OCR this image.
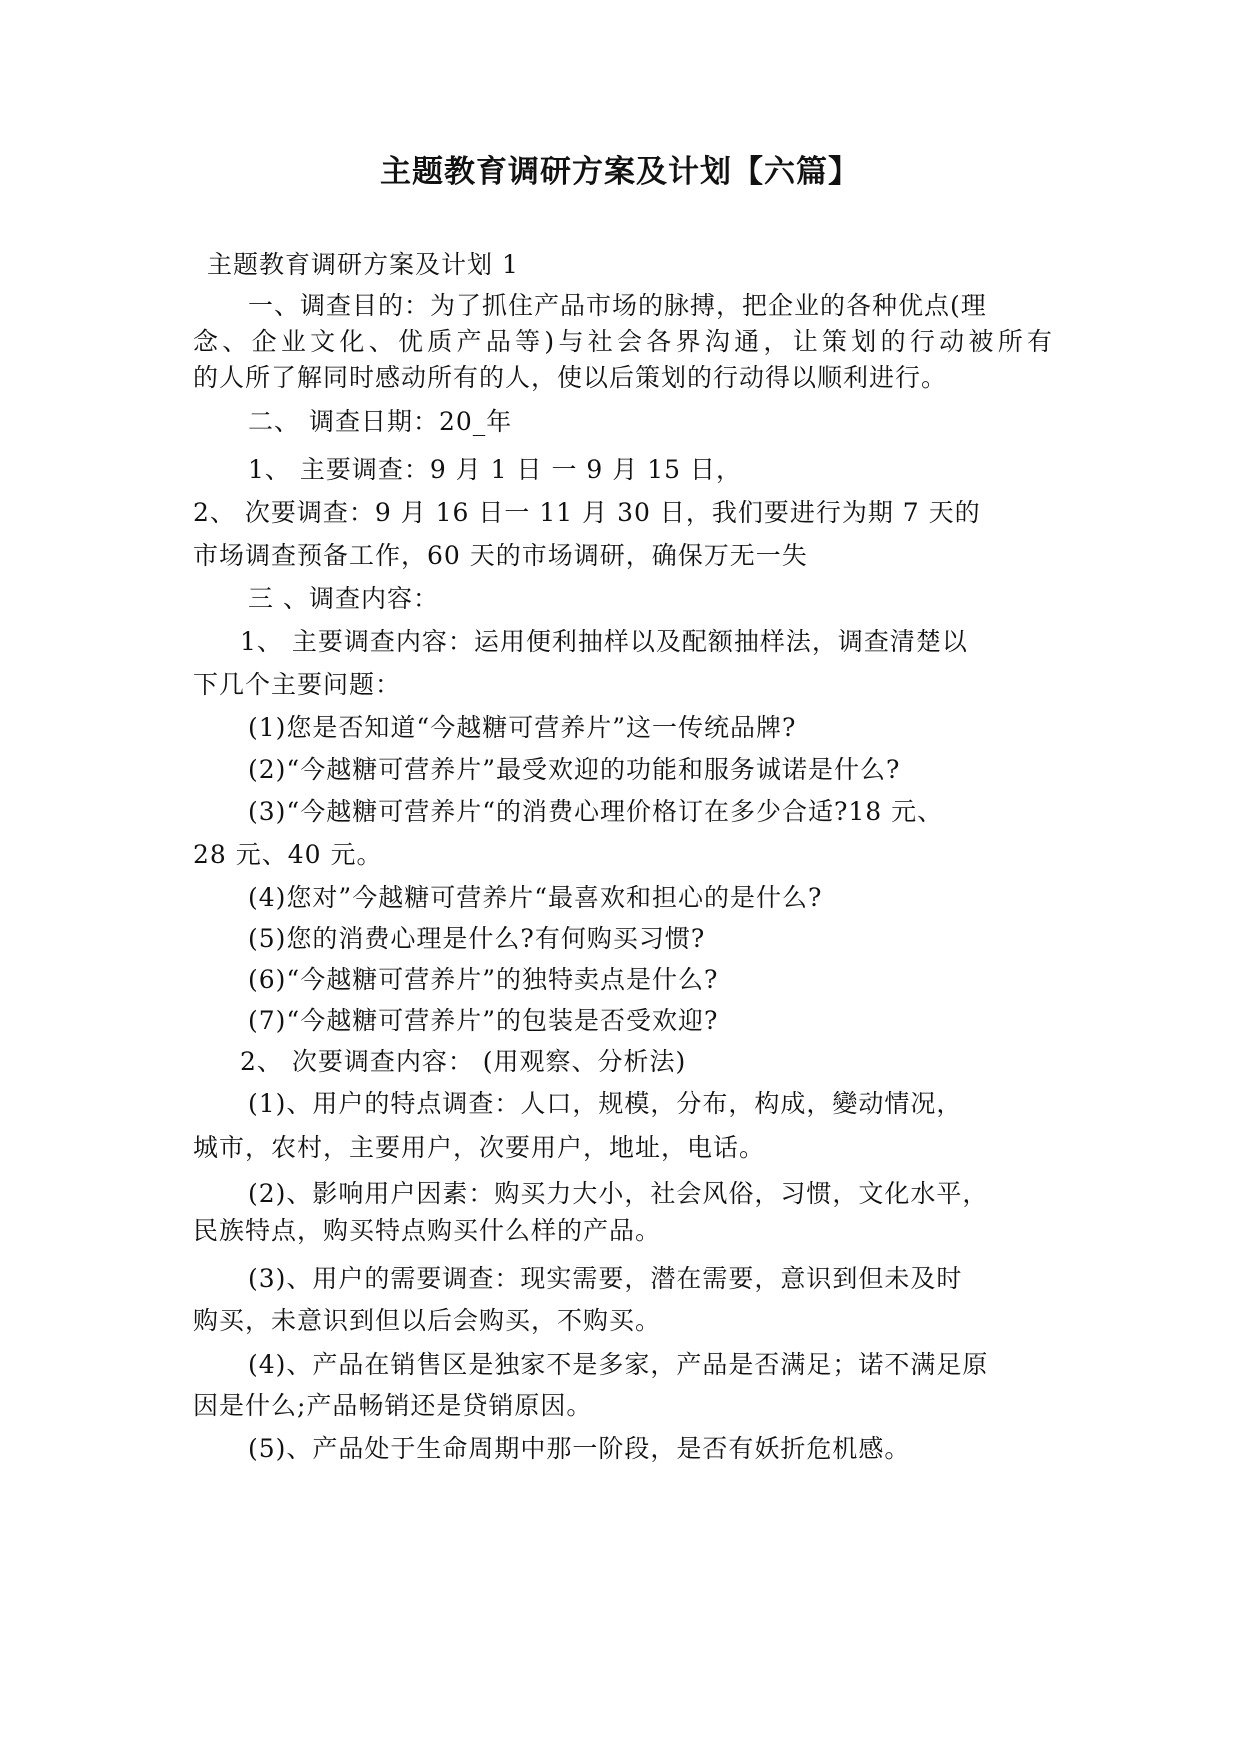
主题教育调研方案及计划【六篇】
主题教育调研方案及计划 1
一、调查目的：为了抓住产品市场的脉搏，把企业的各种优点(理
念、企业文化、优质产品等)与社会各界沟通，让策划的行动被所有
的人所了解同时感动所有的人，使以后策划的行动得以顺利进行。
二、 调查日期：20_年
1、 主要调查：9 月 1 日 一 9 月 15 日，
2、 次要调查：9 月 16 日一 11 月 30 日，我们要进行为期 7 天的
市场调查预备工作，60 天的市场调研，确保万无一失
三 、调查内容：
1、 主要调查内容：运用便利抽样以及配额抽样法，调查清楚以
下几个主要问题：
(1)您是否知道“今越糖可营养片”这一传统品牌?
(2)“今越糖可营养片”最受欢迎的功能和服务诚诺是什么?
(3)“今越糖可营养片“的消费心理价格订在多少合适?18 元、
28 元、40 元。
(4)您对”今越糖可营养片“最喜欢和担心的是什么?
(5)您的消费心理是什么?有何购买习惯?
(6)“今越糖可营养片”的独特卖点是什么?
(7)“今越糖可营养片”的包装是否受欢迎?
2、 次要调查内容： (用观察、分析法)
(1)、用户的特点调查：人口，规模，分布，构成，變动情况，
城市，农村，主要用户，次要用户，地址，电话。
(2)、影响用户因素：购买力大小，社会风俗，习惯，文化水平，
民族特点，购买特点购买什么样的产品。
(3)、用户的需要调查：现实需要，潜在需要，意识到但未及时
购买，未意识到但以后会购买，不购买。
(4)、产品在销售区是独家不是多家，产品是否满足；诺不满足原
因是什么;产品畅销还是贷销原因。
(5)、产品处于生命周期中那一阶段，是否有妖折危机感。
